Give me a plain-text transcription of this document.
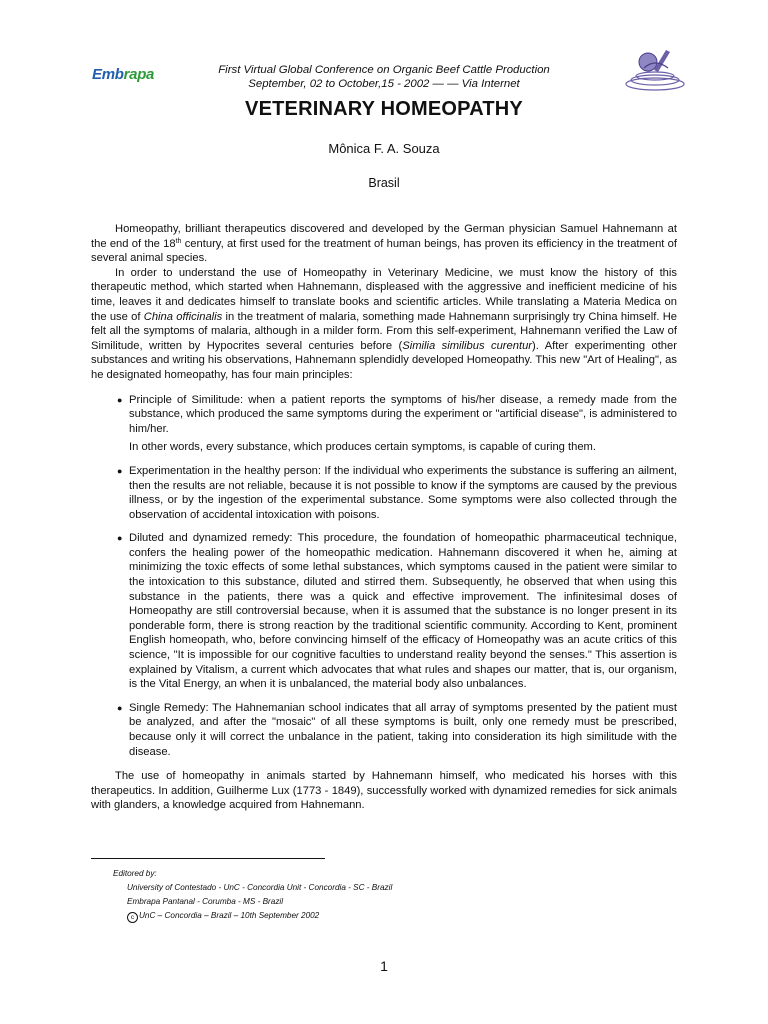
Embrapa	First Virtual Global Conference on Organic Beef Cattle Production
September, 02 to October,15 - 2002 — — Via Internet
VETERINARY HOMEOPATHY
Mônica F. A. Souza
Brasil

Homeopathy, brilliant therapeutics discovered and developed by the German physician Samuel Hahnemann at the end of the 18th century, at first used for the treatment of human beings, has proven its efficiency in the treatment of several animal species.

In order to understand the use of Homeopathy in Veterinary Medicine, we must know the history of this therapeutic method, which started when Hahnemann, displeased with the aggressive and inefficient medicine of his time, leaves it and dedicates himself to translate books and scientific articles. While translating a Materia Medica on the use of China officinalis in the treatment of malaria, something made Hahnemann surprisingly try China himself. He felt all the symptoms of malaria, although in a milder form. From this self-experiment, Hahnemann verified the Law of Similitude, written by Hypocrites several centuries before (Similia similibus curentur). After experimenting other substances and writing his observations, Hahnemann splendidly developed Homeopathy. This new "Art of Healing", as he designated homeopathy, has four main principles:

● Principle of Similitude: when a patient reports the symptoms of his/her disease, a remedy made from the substance, which produced the same symptoms during the experiment or "artificial disease", is administered to him/her.
In other words, every substance, which produces certain symptoms, is capable of curing them.
● Experimentation in the healthy person: If the individual who experiments the substance is suffering an ailment, then the results are not reliable, because it is not possible to know if the symptoms are caused by the previous illness, or by the ingestion of the experimental substance. Some symptoms were also collected through the observation of accidental intoxication with poisons.
● Diluted and dynamized remedy: This procedure, the foundation of homeopathic pharmaceutical technique, confers the healing power of the homeopathic medication. Hahnemann discovered it when he, aiming at minimizing the toxic effects of some lethal substances, which symptoms caused in the patient were similar to the intoxication to this substance, diluted and stirred them. Subsequently, he observed that when using this substance in the patients, there was a quick and effective improvement. The infinitesimal doses of Homeopathy are still controversial because, when it is assumed that the substance is no longer present in its ponderable form, there is strong reaction by the traditional scientific community. According to Kent, prominent English homeopath, who, before convincing himself of the efficacy of Homeopathy was an acute critics of this science, "It is impossible for our cognitive faculties to understand reality beyond the senses." This assertion is explained by Vitalism, a current which advocates that what rules and shapes our matter, that is, our organism, is the Vital Energy, an when it is unbalanced, the material body also unbalances.
● Single Remedy: The Hahnemanian school indicates that all array of symptoms presented by the patient must be analyzed, and after the "mosaic" of all these symptoms is built, only one remedy must be prescribed, because only it will correct the unbalance in the patient, taking into consideration its high similitude with the disease.

The use of homeopathy in animals started by Hahnemann himself, who medicated his horses with this therapeutics. In addition, Guilherme Lux (1773 - 1849), successfully worked with dynamized remedies for sick animals with glanders, a knowledge acquired from Hahnemann.

Editored by:
University of Contestado - UnC - Concordia Unit - Concordia - SC - Brazil
Embrapa Pantanal - Corumba - MS - Brazil
c UnC – Concordia – Brazil – 10th September 2002
1
